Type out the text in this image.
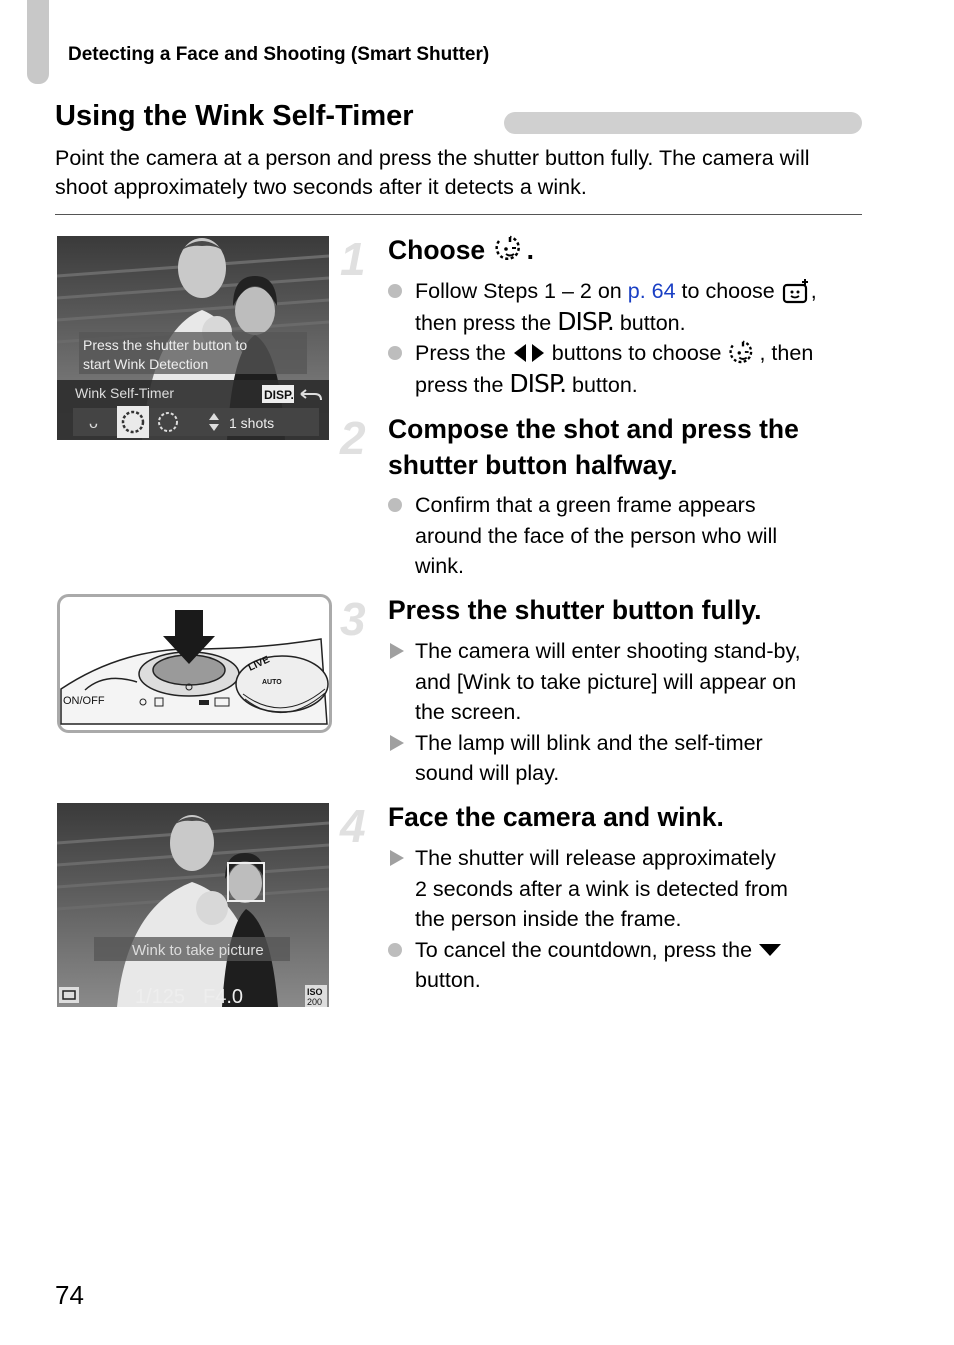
Detecting a Face and Shooting (Smart Shutter)
Using the Wink Self-Timer
Point the camera at a person and press the shutter button fully. The camera will shoot approximately two seconds after it detects a wink.
1 Choose .
Follow Steps 1 – 2 on p. 64 to choose ,
then press the DISP. button.
Press the  buttons to choose , then
press the DISP. button.
Press the shutter button to
start Wink Detection
Wink Self-Timer	DISP.
ᴗ	1 shots 2 Compose the shot and press the
shutter button halfway.
Confirm that a green frame appears
around the face of the person who will
wink.
LIVE
AUTO
ON/OFF
3 Press the shutter button fully.
The camera will enter shooting stand-by,
and [Wink to take picture] will appear on
the screen.
The lamp will blink and the self-timer
sound will play.
Wink to take picture
1/125 F4.0	ISO
200
4 Face the camera and wink.
The shutter will release approximately
2 seconds after a wink is detected from
the person inside the frame.
To cancel the countdown, press the
button.
74
